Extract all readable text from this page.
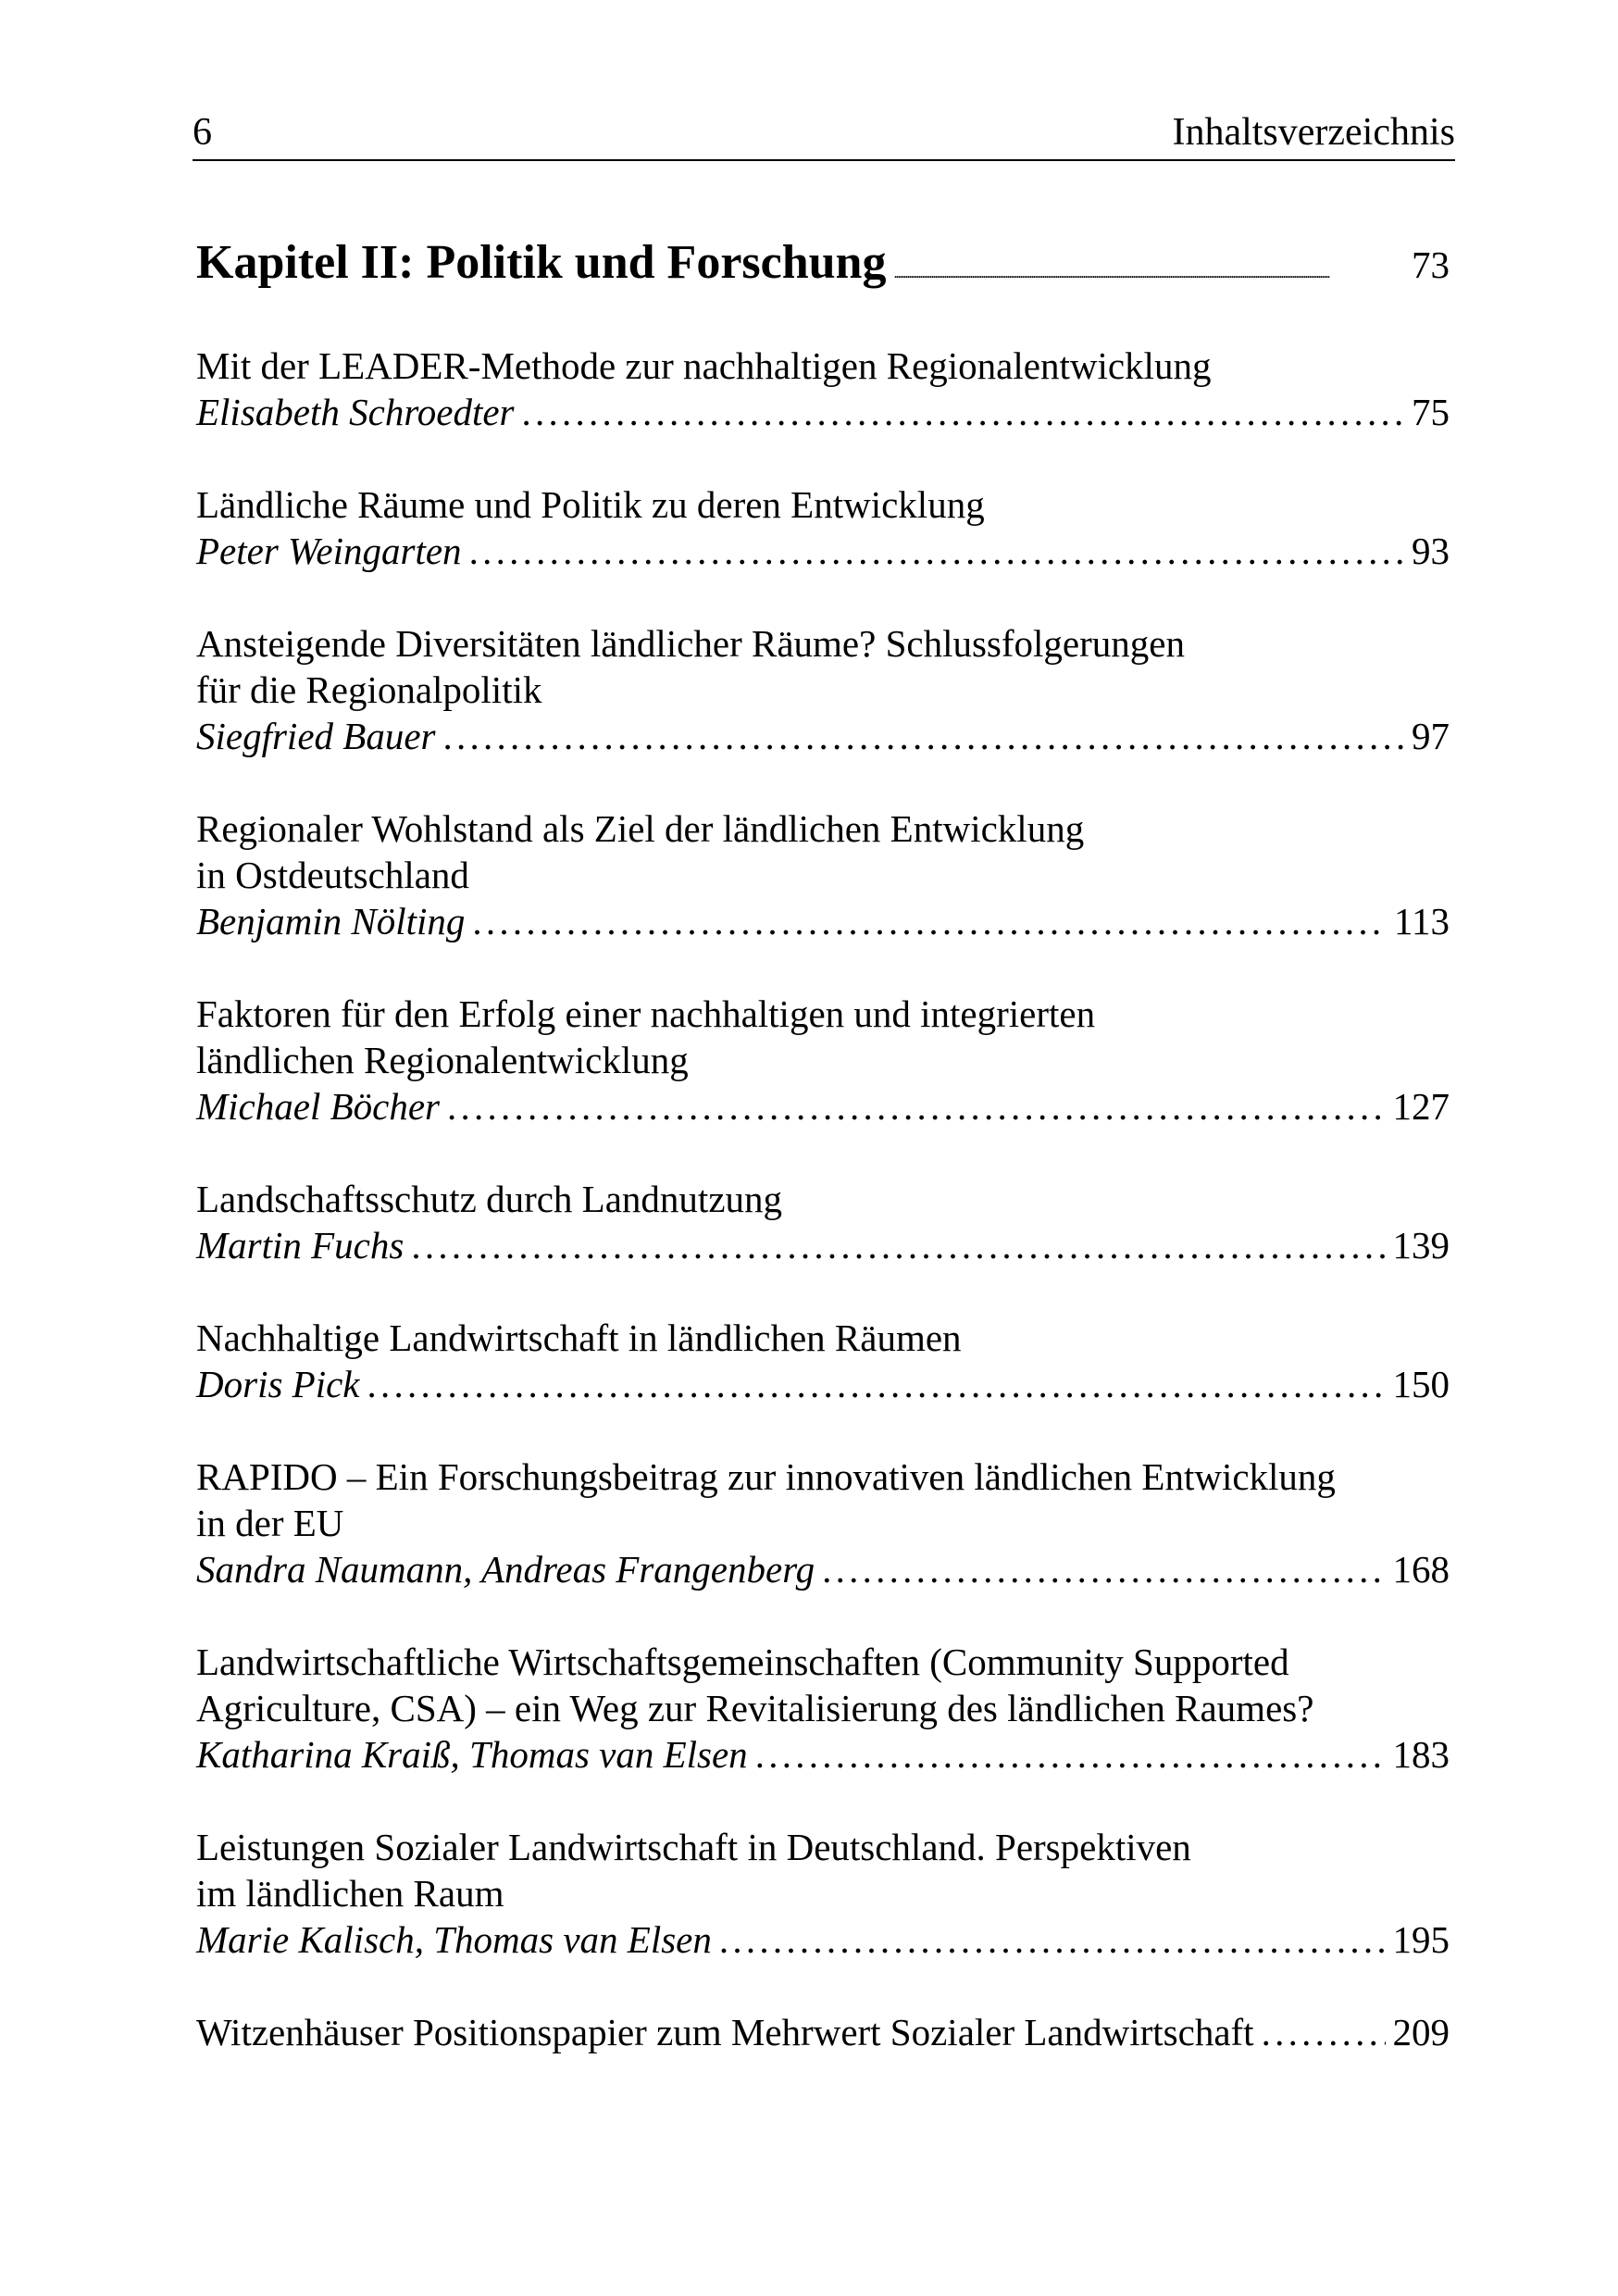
6	Inhaltsverzeichnis
Kapitel II: Politik und Forschung . . .	73
Mit der LEADER-Methode zur nachhaltigen Regionalentwicklung
Elisabeth Schroedter . . .	75
Ländliche Räume und Politik zu deren Entwicklung
Peter Weingarten . . .	93
Ansteigende Diversitäten ländlicher Räume? Schlussfolgerungen
für die Regionalpolitik
Siegfried Bauer . . .	97
Regionaler Wohlstand als Ziel der ländlichen Entwicklung
in Ostdeutschland
Benjamin Nölting . . .	113
Faktoren für den Erfolg einer nachhaltigen und integrierten
ländlichen Regionalentwicklung
Michael Böcher . . .	127
Landschaftsschutz durch Landnutzung
Martin Fuchs . . .	139
Nachhaltige Landwirtschaft in ländlichen Räumen
Doris Pick . . .	150
RAPIDO – Ein Forschungsbeitrag zur innovativen ländlichen Entwicklung
in der EU
Sandra Naumann, Andreas Frangenberg . . .	168
Landwirtschaftliche Wirtschaftsgemeinschaften (Community Supported
Agriculture, CSA) – ein Weg zur Revitalisierung des ländlichen Raumes?
Katharina Kraiß, Thomas van Elsen . . .	183
Leistungen Sozialer Landwirtschaft in Deutschland. Perspektiven
im ländlichen Raum
Marie Kalisch, Thomas van Elsen . . .	195
Witzenhäuser Positionspapier zum Mehrwert Sozialer Landwirtschaft . . .	209
